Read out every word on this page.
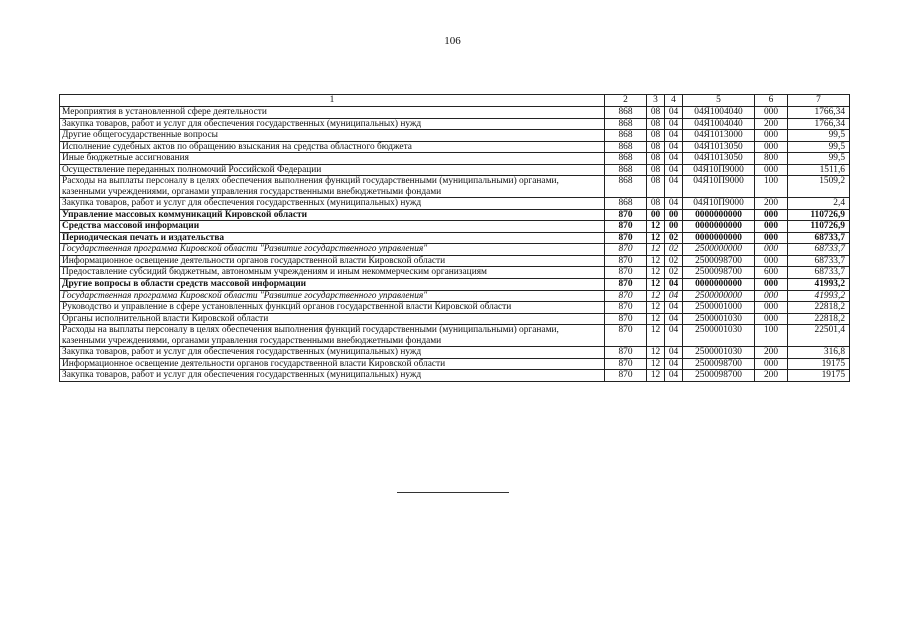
106
1	2	3	4	5	6	7
Мероприятия в установленной сфере деятельности	868	08	04	04Я1004040	000	1766,34
Закупка товаров, работ и услуг для обеспечения государственных (муниципальных) нужд	868	08	04	04Я1004040	200	1766,34
Другие общегосударственные вопросы	868	08	04	04Я1013000	000	99,5
Исполнение судебных актов по обращению взыскания на средства областного бюджета	868	08	04	04Я1013050	000	99,5
Иные бюджетные ассигнования	868	08	04	04Я1013050	800	99,5
Осуществление переданных полномочий Российской Федерации	868	08	04	04Я10П9000	000	1511,6
Расходы на выплаты персоналу в целях обеспечения выполнения функций государственными (муниципальными) органами, казенными учреждениями, органами управления государственными внебюджетными фондами	868	08	04	04Я10П9000	100	1509,2
Закупка товаров, работ и услуг для обеспечения государственных (муниципальных) нужд	868	08	04	04Я10П9000	200	2,4
Управление массовых коммуникаций Кировской области	870	00	00	0000000000	000	110726,9
Средства массовой информации	870	12	00	0000000000	000	110726,9
Периодическая печать и издательства	870	12	02	0000000000	000	68733,7
Государственная программа Кировской области "Развитие государственного управления"	870	12	02	2500000000	000	68733,7
Информационное освещение деятельности органов государственной власти Кировской области	870	12	02	2500098700	000	68733,7
Предоставление субсидий бюджетным, автономным учреждениям и иным некоммерческим организациям	870	12	02	2500098700	600	68733,7
Другие вопросы в области средств массовой информации	870	12	04	0000000000	000	41993,2
Государственная программа Кировской области "Развитие государственного управления"	870	12	04	2500000000	000	41993,2
Руководство и управление в сфере установленных функций органов государственной власти Кировской области	870	12	04	2500001000	000	22818,2
Органы исполнительной власти Кировской области	870	12	04	2500001030	000	22818,2
Расходы на выплаты персоналу в целях обеспечения выполнения функций государственными (муниципальными) органами, казенными учреждениями, органами управления государственными внебюджетными фондами	870	12	04	2500001030	100	22501,4
Закупка товаров, работ и услуг для обеспечения государственных (муниципальных) нужд	870	12	04	2500001030	200	316,8
Информационное освещение деятельности органов государственной власти Кировской области	870	12	04	2500098700	000	19175
Закупка товаров, работ и услуг для обеспечения государственных (муниципальных) нужд	870	12	04	2500098700	200	19175
